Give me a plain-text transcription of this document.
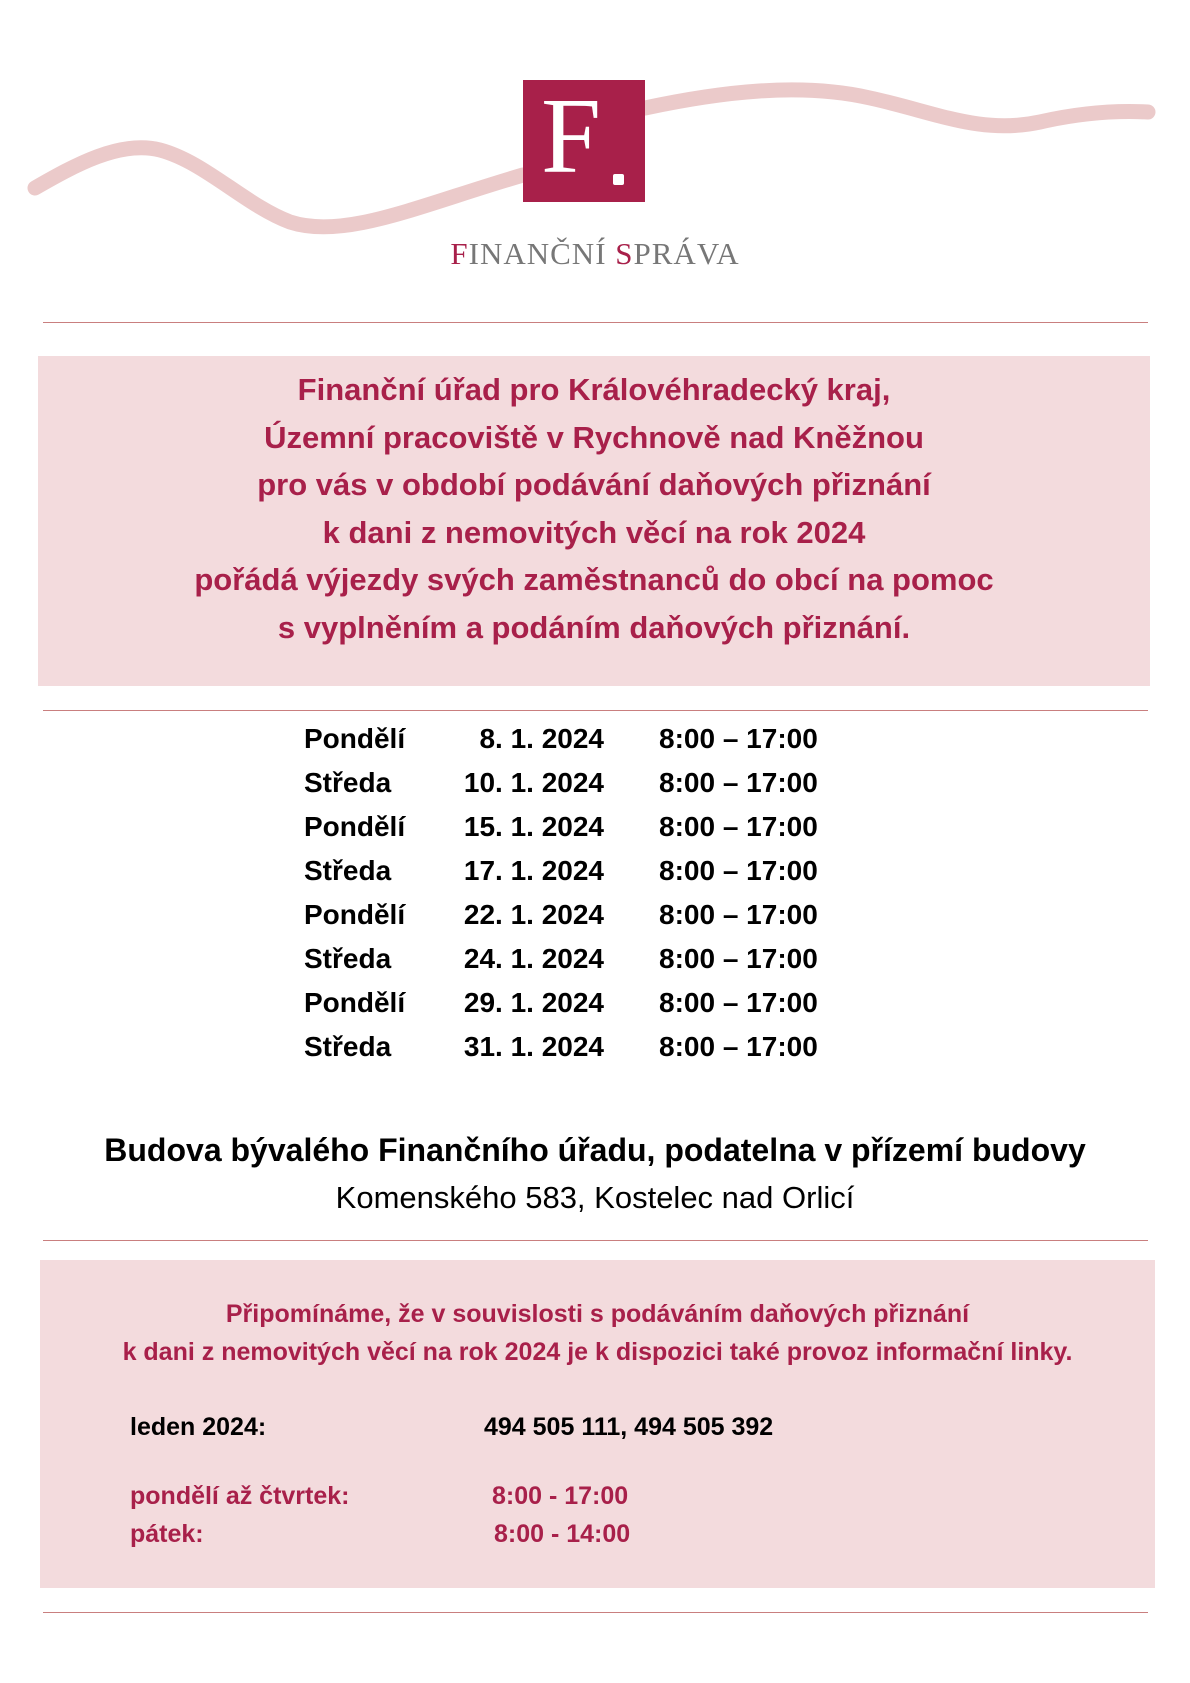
F
FINANČNÍ SPRÁVA
Finanční úřad pro Královéhradecký kraj,
Územní pracoviště v Rychnově nad Kněžnou
pro vás v období podávání daňových přiznání
k dani z nemovitých věcí na rok 2024
pořádá výjezdy svých zaměstnanců do obcí na pomoc
s vyplněním a podáním daňových přiznání.
Pondělí	8. 1. 2024 8:00 – 17:00
Středa	10. 1. 2024 8:00 – 17:00
Pondělí	15. 1. 2024 8:00 – 17:00
Středa	17. 1. 2024 8:00 – 17:00
Pondělí	22. 1. 2024 8:00 – 17:00
Středa	24. 1. 2024 8:00 – 17:00
Pondělí	29. 1. 2024 8:00 – 17:00
Středa	31. 1. 2024 8:00 – 17:00
Budova bývalého Finančního úřadu, podatelna v přízemí budovy
Komenského 583, Kostelec nad Orlicí
Připomínáme, že v souvislosti s podáváním daňových přiznání
k dani z nemovitých věcí na rok 2024 je k dispozici také provoz informační linky.
leden 2024:	494 505 111, 494 505 392
pondělí až čtvrtek:	8:00 - 17:00
pátek:	8:00 - 14:00
